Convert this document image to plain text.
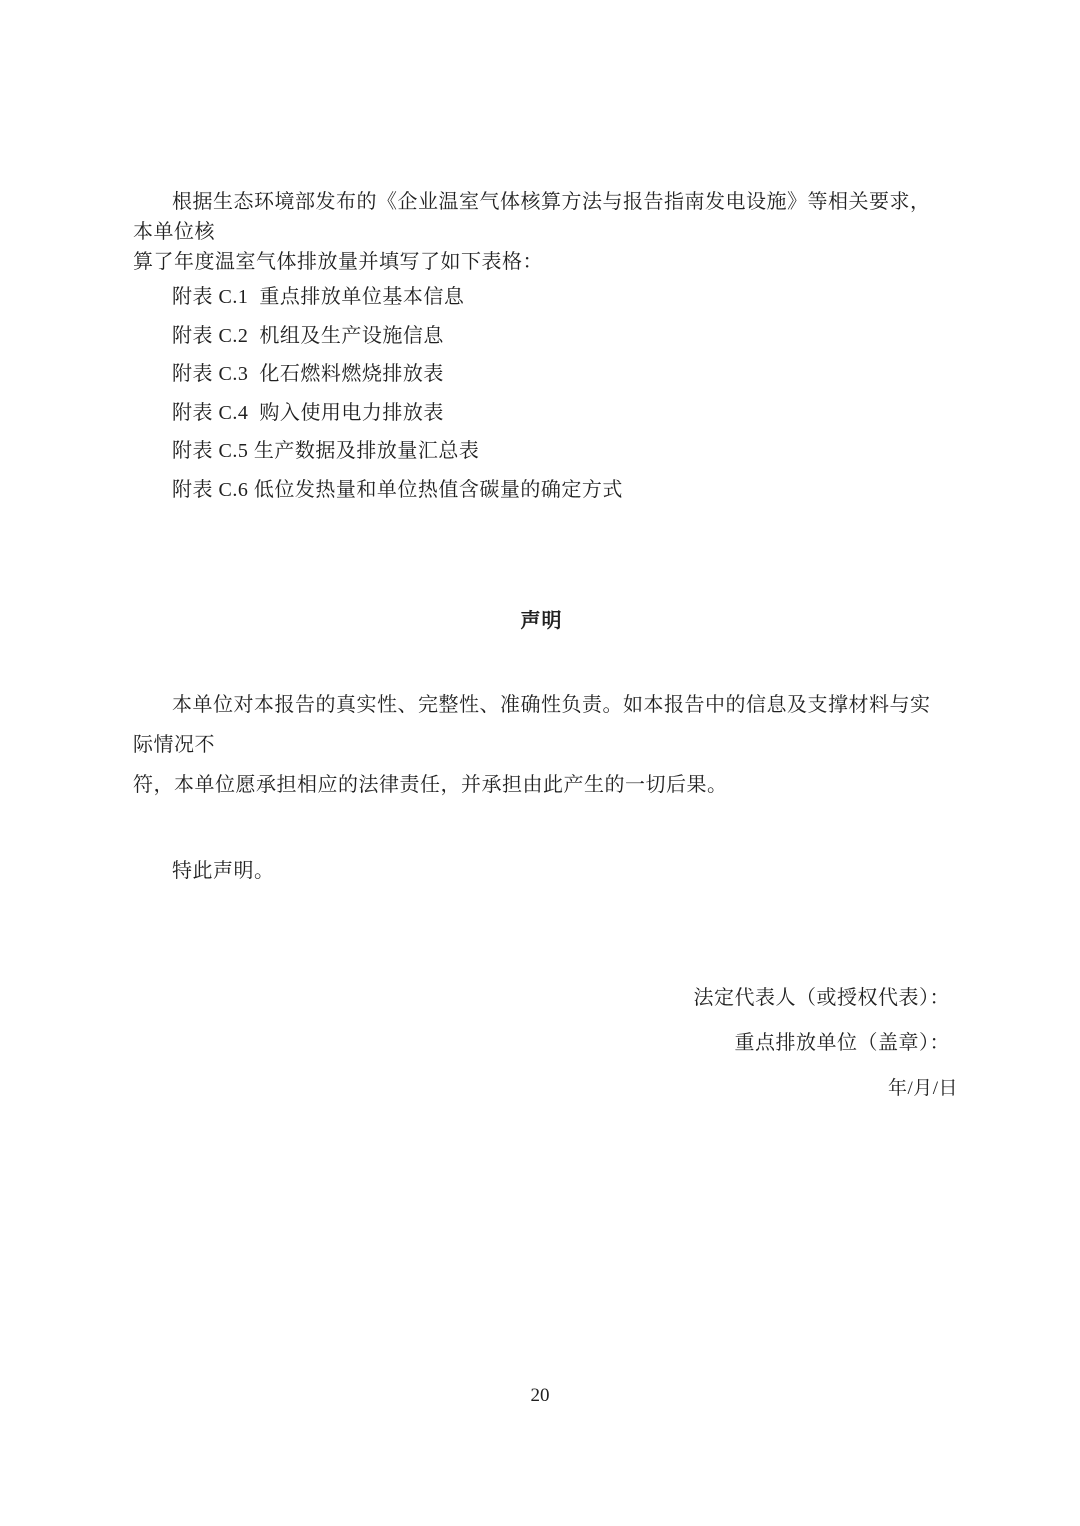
根据生态环境部发布的《企业温室气体核算方法与报告指南发电设施》等相关要求，本单位核
算了年度温室气体排放量并填写了如下表格：

附表 C.1  重点排放单位基本信息
附表 C.2  机组及生产设施信息
附表 C.3  化石燃料燃烧排放表
附表 C.4  购入使用电力排放表
附表 C.5 生产数据及排放量汇总表
附表 C.6 低位发热量和单位热值含碳量的确定方式
声明

本单位对本报告的真实性、完整性、准确性负责。如本报告中的信息及支撑材料与实际情况不
符，本单位愿承担相应的法律责任，并承担由此产生的一切后果。

特此声明。

法定代表人（或授权代表）：
重点排放单位（盖章）：
年/月/日
20
